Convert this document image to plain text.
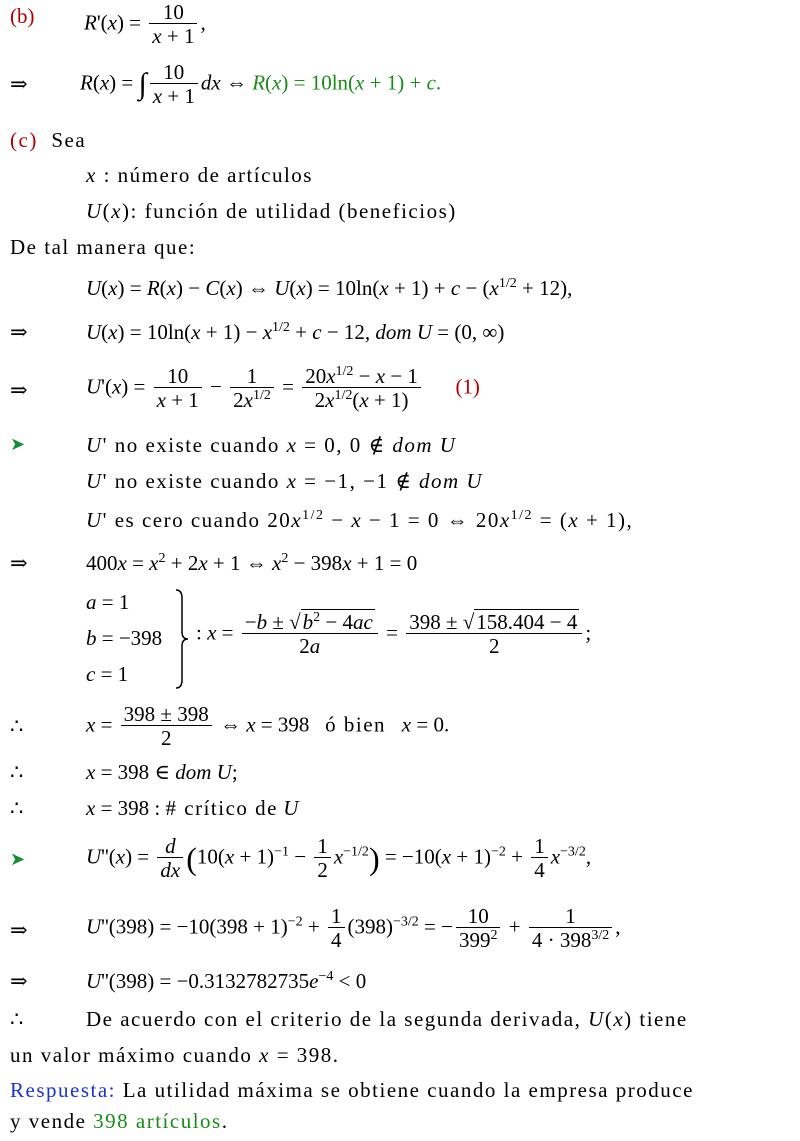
(b) $R'(x) = \frac{10}{x + 1}$ ,
⇒ R(x) = ∫ $\frac{10}{x + 1}$ dx ⇔ R(x) = 10ln(x + 1) + c.
(c) Sea
x : número de artículos
U(x): función de utilidad (beneficios)
De tal manera que:
U(x) = R(x) − C(x) ⇔ $U(x) = 10\ln(x + 1) + c - (x^{1/2} + 12)$,
⇒	$U(x) = 10\ln(x + 1) - x^{1/2} + c - 12$, dom U = (0, ∞)
⇒	$U'(x) = \frac{10}{x + 1} - \frac{1}{2x^{1/2}} = \frac{20x^{1/2} - x - 1}{2x^{1/2}(x + 1)} (1)$
➤	U' no existe cuando x = 0, 0 ∉ dom U
U' no existe cuando x = −1, −1 ∉ dom U
U' es cero cuando $20x^{1/2} - x - 1 = 0$ ⇔ $20x^{1/2} = (x + 1)$,
⇒	$400x = x^2 + 2x + 1$ ⇔ $x^2 - 398x + 1 = 0$
a = 1
b = −398
c = 1
: $x = \frac{-b \pm √b^2 - 4ac}{2a} = \frac{398 \pm √158.404 - 4}{2}$ ;
∴	$x = \frac{398 \pm 398}{2}$ ⇔ x = 398   ó bien x = 0.
∴	x = 398 ∈ dom U;
∴	x = 398 : # crítico de U
➤	$U''(x) = \frac{d}{dx} (10(x + 1)^{-1} - \frac{1}{2} x^{-1/2}) = -10(x + 1)^{-2} + \frac{1}{4} x^{-3/2}$,
⇒	$U''(398) = -10(398 + 1)^{-2} + \frac{1}{4} (398)^{-3/2}$ = − $\frac{10}{399^2} + \frac{1}{4 \cdot 398^{3/2}}$ ,
⇒	$U''(398) = -0.3132782735e^{-4} < 0$
∴	De acuerdo con el criterio de la segunda derivada, U(x) tiene
un valor máximo cuando x = 398.
Respuesta: La utilidad máxima se obtiene cuando la empresa produce
y vende 398 artículos.
